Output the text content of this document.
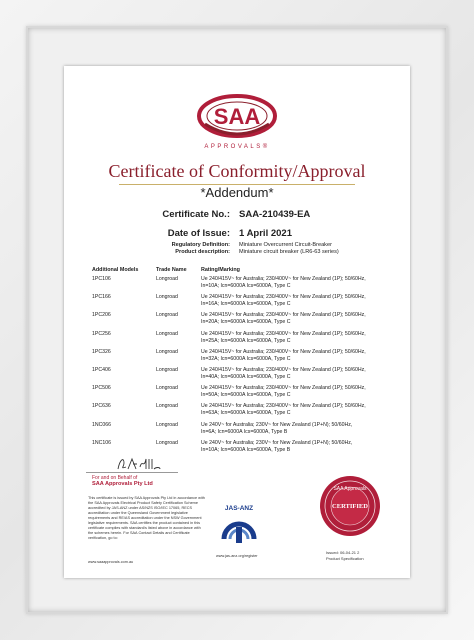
SAA
APPROVALS®
Certificate of Conformity/Approval
*Addendum*
Certificate No.: SAA-210439-EA
Date of Issue: 1 April 2021
Regulatory Definition: Miniature Overcurrent Circuit-Breaker
Product description: Miniature circuit breaker (LR6-63 series)
Additional Models	Trade Name	Rating/Marking
1PC106	Longroad	Ue 240/415V~ for Australia; 230/400V~ for New Zealand (1P); 50/60Hz,
In=10A; Icn=6000A Ics=6000A, Type C
1PC166	Longroad	Ue 240/415V~ for Australia; 230/400V~ for New Zealand (1P); 50/60Hz,
In=16A; Icn=6000A Ics=6000A, Type C
1PC206	Longroad	Ue 240/415V~ for Australia; 230/400V~ for New Zealand (1P); 50/60Hz,
In=20A; Icn=6000A Ics=6000A, Type C
1PC256	Longroad	Ue 240/415V~ for Australia; 230/400V~ for New Zealand (1P); 50/60Hz,
In=25A; Icn=6000A Ics=6000A, Type C
1PC326	Longroad	Ue 240/415V~ for Australia; 230/400V~ for New Zealand (1P); 50/60Hz,
In=32A; Icn=6000A Ics=6000A, Type C
1PC406	Longroad	Ue 240/415V~ for Australia; 230/400V~ for New Zealand (1P); 50/60Hz,
In=40A; Icn=6000A Ics=6000A, Type C
1PC506	Longroad	Ue 240/415V~ for Australia; 230/400V~ for New Zealand (1P); 50/60Hz,
In=50A; Icn=6000A Ics=6000A, Type C
1PC636	Longroad	Ue 240/415V~ for Australia; 230/400V~ for New Zealand (1P); 50/60Hz,
In=63A; Icn=6000A Ics=6000A, Type C
1NC066	Longroad	Ue 240V~ for Australia; 230V~ for New Zealand (1P+N); 50/60Hz,
In=6A; Icn=6000A Ics=6000A, Type B
1NC106	Longroad	Ue 240V~ for Australia; 230V~ for New Zealand (1P+N); 50/60Hz,
In=10A; Icn=6000A Ics=6000A, Type B
For and on Behalf of
SAA Approvals Pty Ltd
This certificate is issued by SAA Approvals Pty Ltd in accordance with the SAA Approvals Electrical Product Safety Certification Scheme accredited by JAS-ANZ under AS/NZS ISO/IEC 17065, RECS accreditation under the Queensland Government legislative requirements and RE/AS accreditation under the NSW Government legislative requirements. SAA certifies the product contained in this certificate complies with standard/s listed above in accordance with the schemes herein. For SAA Contact Details and Certificate verification, go to:
www.saaapprovals.com.au
JAS-ANZ
www.jas-anz.org/register
SAA Approvals
CERTIFIED
Issued: 06-04-21 2
Product Specification
